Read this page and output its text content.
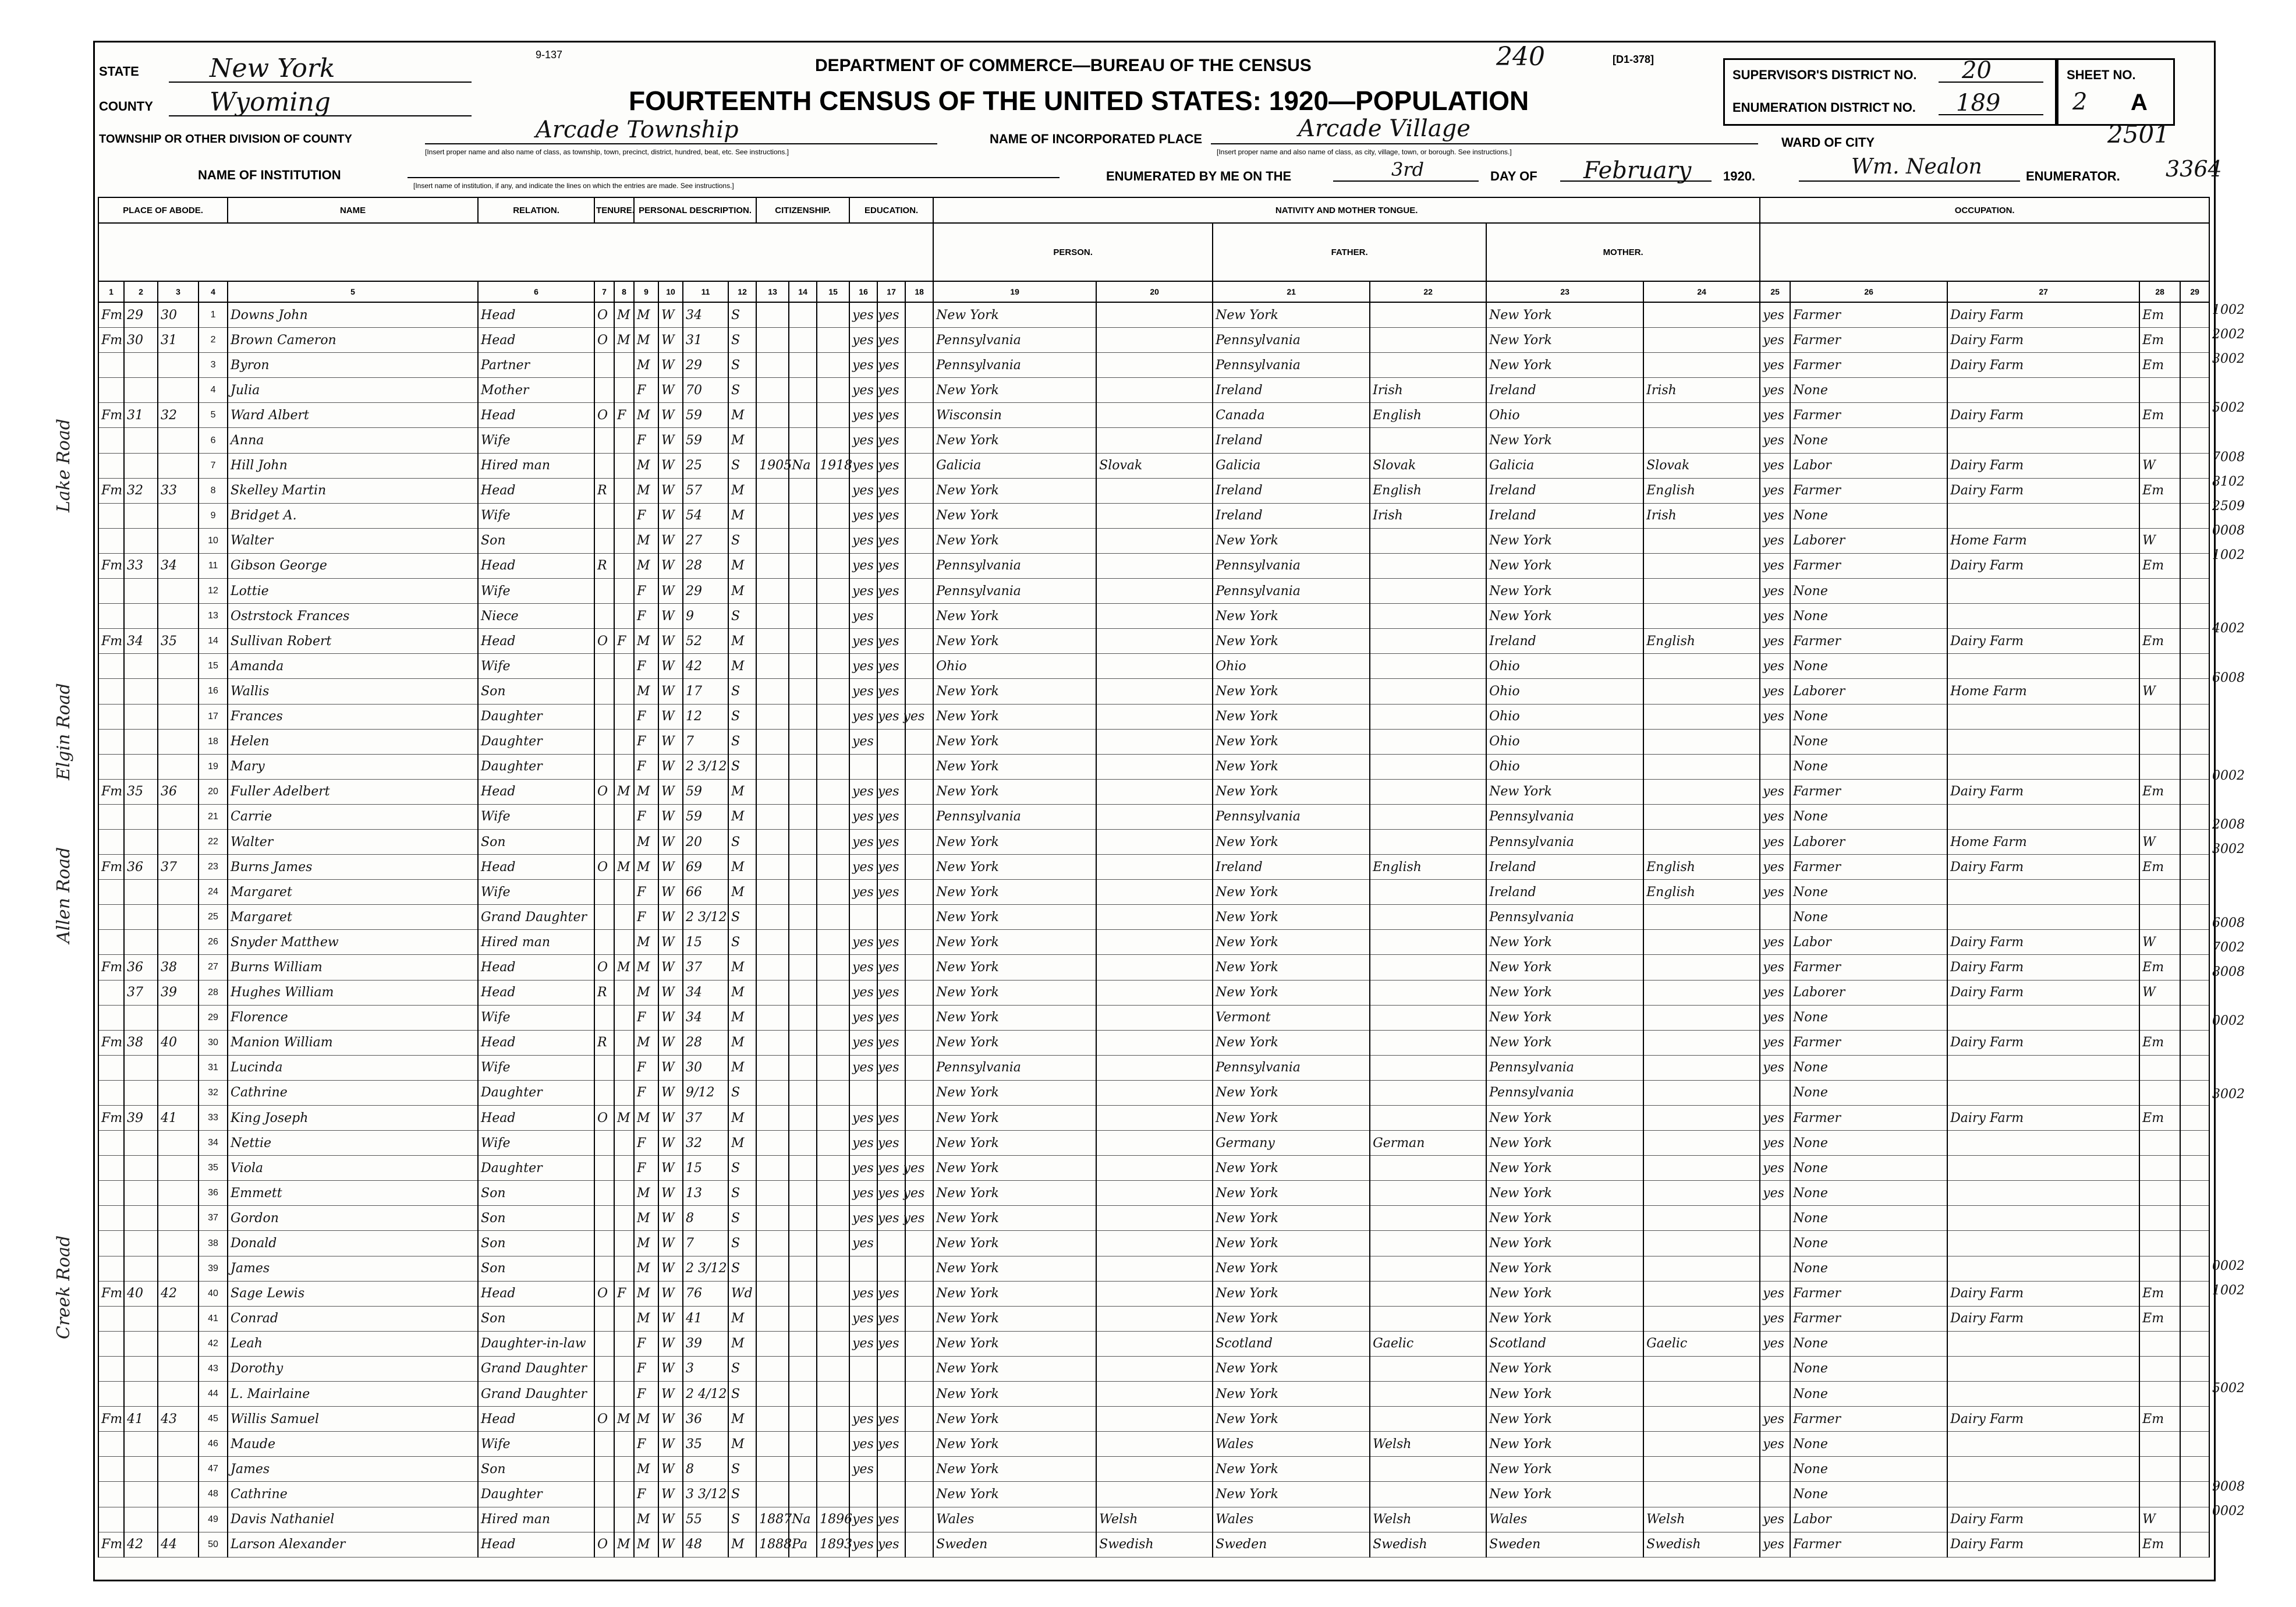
STATE	New York
COUNTY Wyoming
TOWNSHIP OR OTHER DIVISION OF COUNTY	Arcade Township
[Insert proper name and also name of class, as township, town, precinct, district, hundred, beat, etc. See instructions.]
NAME OF INSTITUTION
[Insert name of institution, if any, and indicate the lines on which the entries are made. See instructions.]
9-137
DEPARTMENT OF COMMERCE—BUREAU OF THE CENSUS	240	[D1-378]
FOURTEENTH CENSUS OF THE UNITED STATES: 1920—POPULATION
NAME OF INCORPORATED PLACE	Arcade Village
[Insert proper name and also name of class, as city, village, town, or borough. See instructions.]
ENUMERATED BY ME ON THE	3rd	DAY OF February 1920.	Wm. Nealon	ENUMERATOR.
SUPERVISOR'S DISTRICT NO. 20
ENUMERATION DISTRICT NO. 189
SHEET NO.
2 A
WARD OF CITY	2501
3364
Lake Road
Elgin Road
Allen Road
Creek Road
PLACE OF ABODE.				NAME	RELATION.	TENURE.		PERSONAL DESCRIPTION.				CITIZENSHIP.			EDUCATION.			NATIVITY AND MOTHER TONGUE.						OCCUPATION.				
																		PERSON.		FATHER.		MOTHER.						
1	2	3	4	5	6	7	8	9	10	11	12	13	14	15	16	17	18	19	20	21	22	23	24	25	26	27	28	29
Fm	29	30	1	Downs John	Head	O	M	M	W	34	S				yes yes			New York		New York		New York		yes	Farmer	Dairy Farm	Em	
Fm	30	31	2	Brown Cameron	Head	O	M	M	W	31	S				yes yes			Pennsylvania		Pennsylvania		New York		yes	Farmer	Dairy Farm	Em	
			3	Byron	Partner			M	W	29	S				yes yes			Pennsylvania		Pennsylvania		New York		yes	Farmer	Dairy Farm	Em	
			4	Julia	Mother			F	W	70	S				yes yes			New York		Ireland	Irish	Ireland	Irish	yes	None			
Fm	31	32	5	Ward Albert	Head	O	F	M	W	59	M				yes yes			Wisconsin		Canada	English	Ohio		yes	Farmer	Dairy Farm	Em	
			6	Anna	Wife			F	W	59	M				yes yes			New York		Ireland		New York		yes	None			
			7	Hill John	Hired man			M	W	25	S	1905	Na	1918	yes yes			Galicia	Slovak	Galicia	Slovak	Galicia	Slovak	yes	Labor	Dairy Farm	W	
Fm	32	33	8	Skelley Martin	Head	R		M	W	57	M				yes yes			New York		Ireland	English	Ireland	English	yes	Farmer	Dairy Farm	Em	
			9	Bridget A.	Wife			F	W	54	M				yes yes			New York		Ireland	Irish	Ireland	Irish	yes	None			
			10	Walter	Son			M	W	27	S				yes yes			New York		New York		New York		yes	Laborer	Home Farm	W	
Fm	33	34	11	Gibson George	Head	R		M	W	28	M				yes yes			Pennsylvania		Pennsylvania		New York		yes	Farmer	Dairy Farm	Em	
			12	Lottie	Wife			F	W	29	M				yes yes			Pennsylvania		Pennsylvania		New York		yes	None			
			13	Ostrstock Frances	Niece			F	W	9	S				yes			New York		New York		New York		yes	None			
Fm	34	35	14	Sullivan Robert	Head	O	F	M	W	52	M				yes yes			New York		New York		Ireland	English	yes	Farmer	Dairy Farm	Em	
			15	Amanda	Wife			F	W	42	M				yes yes			Ohio		Ohio		Ohio		yes	None			
			16	Wallis	Son			M	W	17	S				yes yes			New York		New York		Ohio		yes	Laborer	Home Farm	W	
			17	Frances	Daughter			F	W	12	S				yes yes yes			New York		New York		Ohio		yes	None			
			18	Helen	Daughter			F	W	7	S				yes			New York		New York		Ohio			None			
			19	Mary	Daughter			F	W	2 3/12	S							New York		New York		Ohio			None			
Fm	35	36	20	Fuller Adelbert	Head	O	M	M	W	59	M				yes yes			New York		New York		New York		yes	Farmer	Dairy Farm	Em	
			21	Carrie	Wife			F	W	59	M				yes yes			Pennsylvania		Pennsylvania		Pennsylvania		yes	None			
			22	Walter	Son			M	W	20	S				yes yes			New York		New York		Pennsylvania		yes	Laborer	Home Farm	W	
Fm	36	37	23	Burns James	Head	O	M	M	W	69	M				yes yes			New York		Ireland	English	Ireland	English	yes	Farmer	Dairy Farm	Em	
			24	Margaret	Wife			F	W	66	M				yes yes			New York		New York		Ireland	English	yes	None			
			25	Margaret	Grand Daughter			F	W	2 3/12	S							New York		New York		Pennsylvania			None			
			26	Snyder Matthew	Hired man			M	W	15	S				yes yes			New York		New York		New York		yes	Labor	Dairy Farm	W	
Fm	36	38	27	Burns William	Head	O	M	M	W	37	M				yes yes			New York		New York		New York		yes	Farmer	Dairy Farm	Em	
	37	39	28	Hughes William	Head	R		M	W	34	M				yes yes			New York		New York		New York		yes	Laborer	Dairy Farm	W	
			29	Florence	Wife			F	W	34	M				yes yes			New York		Vermont		New York		yes	None			
Fm	38	40	30	Manion William	Head	R		M	W	28	M				yes yes			New York		New York		New York		yes	Farmer	Dairy Farm	Em	
			31	Lucinda	Wife			F	W	30	M				yes yes			Pennsylvania		Pennsylvania		Pennsylvania		yes	None			
			32	Cathrine	Daughter			F	W	9/12	S							New York		New York		Pennsylvania			None			
Fm	39	41	33	King Joseph	Head	O	M	M	W	37	M				yes yes			New York		New York		New York		yes	Farmer	Dairy Farm	Em	
			34	Nettie	Wife			F	W	32	M				yes yes			New York		Germany	German	New York		yes	None			
			35	Viola	Daughter			F	W	15	S				yes yes yes			New York		New York		New York		yes	None			
			36	Emmett	Son			M	W	13	S				yes yes yes			New York		New York		New York		yes	None			
			37	Gordon	Son			M	W	8	S				yes yes yes			New York		New York		New York			None			
			38	Donald	Son			M	W	7	S				yes			New York		New York		New York			None			
			39	James	Son			M	W	2 3/12	S							New York		New York		New York			None			
Fm	40	42	40	Sage Lewis	Head	O	F	M	W	76	Wd				yes yes			New York		New York		New York		yes	Farmer	Dairy Farm	Em	
			41	Conrad	Son			M	W	41	M				yes yes			New York		New York		New York		yes	Farmer	Dairy Farm	Em	
			42	Leah	Daughter-in-law			F	W	39	M				yes yes			New York		Scotland	Gaelic	Scotland	Gaelic	yes	None			
			43	Dorothy	Grand Daughter			F	W	3	S							New York		New York		New York			None			
			44	L. Mairlaine	Grand Daughter			F	W	2 4/12	S							New York		New York		New York			None			
Fm	41	43	45	Willis Samuel	Head	O	M	M	W	36	M				yes yes			New York		New York		New York		yes	Farmer	Dairy Farm	Em	
			46	Maude	Wife			F	W	35	M				yes yes			New York		Wales	Welsh	New York		yes	None			
			47	James	Son			M	W	8	S				yes			New York		New York		New York			None			
			48	Cathrine	Daughter			F	W	3 3/12	S							New York		New York		New York			None			
			49	Davis Nathaniel	Hired man			M	W	55	S	1887	Na	1896	yes yes			Wales	Welsh	Wales	Welsh	Wales	Welsh	yes	Labor	Dairy Farm	W	
Fm	42	44	50	Larson Alexander	Head	O	M	M	W	48	M	1888	Pa	1893	yes yes			Sweden	Swedish	Sweden	Swedish	Sweden	Swedish	yes	Farmer	Dairy Farm	Em	
1002
2002
3002
5002
7008
8102
2509
0008
1002
4002
6008
0002
2008
3002
6008
7002
8008
0002
3002
0002
1002
5002
9008
0002
